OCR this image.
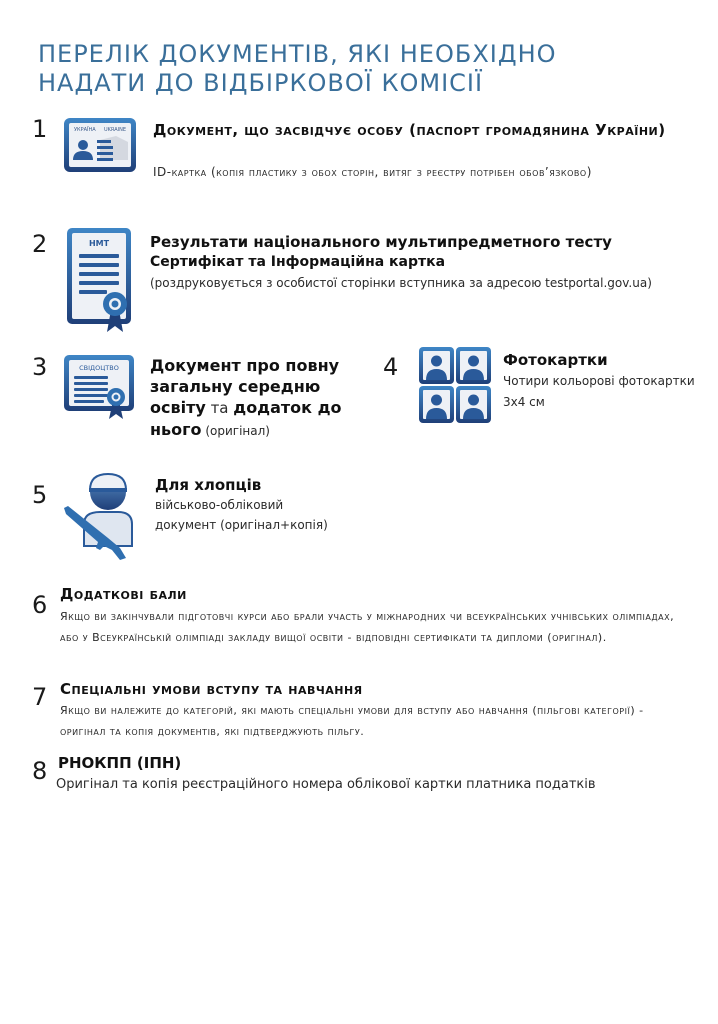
ПЕРЕЛІК ДОКУМЕНТІВ, ЯКІ НЕОБХІДНО
НАДАТИ ДО ВІДБІРКОВОЇ КОМІСІЇ
1	УКРАЇНА UKRAINE Документ, що засвідчує особу (паспорт громадянина України)
ID-картка (копія пластику з обох сторін, витяг з реєстру потрібен обов’язково)
2	НМТ	Результати національного мультипредметного тесту
Сертифікат та Інформаційна картка
(роздруковується з особистої сторінки вступника за адресою testportal.gov.ua)
3	СВІДОЦТВО Документ про повну загальну середню освіту та додаток до нього (оригінал)
4	Фотокартки
Чотири кольорові фотокартки
3х4 см
5	Для хлопців
військово-обліковий
документ (оригінал+копія)
6 Додаткові бали
Якщо ви закінчували підготовчі курси або брали участь у міжнародних чи всеукраїнських учнівських олімпіадах, або у Всеукраїнській олімпіаді закладу вищої освіти - відповідні сертифікати та дипломи (оригінал).
7 Спеціальні умови вступу та навчання
Якщо ви належите до категорій, які мають спеціальні умови для вступу або навчання (пільгові категорії) - оригінал та копія документів, які підтверджують пільгу.
8 РНОКПП (ІПН)
Оригінал та копія реєстраційного номера облікової картки платника податків
